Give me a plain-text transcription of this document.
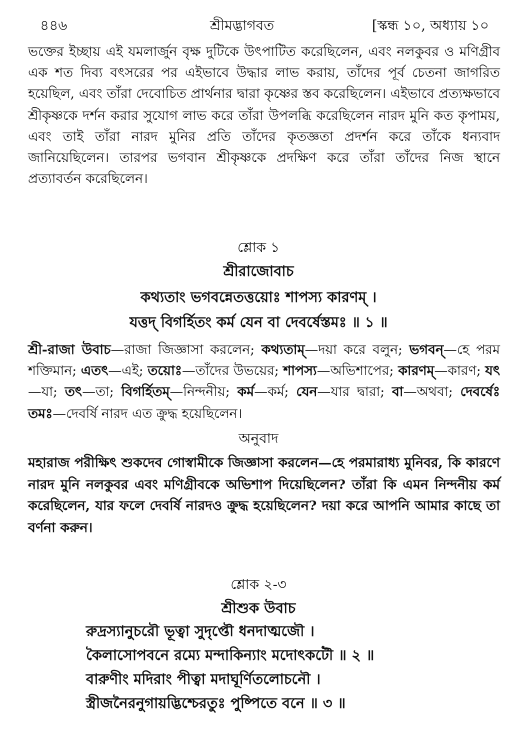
৪৪৬	শ্রীমদ্ভাগবত	[স্কন্ধ ১০, অধ্যায় ১০

ভক্তের ইচ্ছায় এই যমলার্জুন বৃক্ষ দুটিকে উৎপাটিত করেছিলেন, এবং নলকুবর ও মণিগ্রীব এক শত দিব্য বৎসরের পর এইভাবে উদ্ধার লাভ করায়, তাঁদের পূর্ব চেতনা জাগরিত হয়েছিল, এবং তাঁরা দেবোচিত প্রার্থনার দ্বারা কৃষ্ণের স্তব করেছিলেন। এইভাবে প্রত্যক্ষভাবে শ্রীকৃষ্ণকে দর্শন করার সুযোগ লাভ করে তাঁরা উপলব্ধি করেছিলেন নারদ মুনি কত কৃপাময়, এবং তাই তাঁরা নারদ মুনির প্রতি তাঁদের কৃতজ্ঞতা প্রদর্শন করে তাঁকে ধন্যবাদ জানিয়েছিলেন। তারপর ভগবান শ্রীকৃষ্ণকে প্রদক্ষিণ করে তাঁরা তাঁদের নিজ স্থানে প্রত্যাবর্তন করেছিলেন।

শ্লোক ১

শ্রীরাজোবাচ

কথ্যতাং ভগবন্নেতত্তয়োঃ শাপস্য কারণম্ ।

যত্তদ্ বিগর্হিতং কর্ম যেন বা দেবর্ষেস্তমঃ ॥ ১ ॥

শ্রী-রাজা উবাচ—রাজা জিজ্ঞাসা করলেন; কথ্যতাম্—দয়া করে বলুন; ভগবন্—হে পরম শক্তিমান; এতৎ—এই; তয়োঃ—তাঁদের উভয়ের; শাপস্য—অভিশাপের; কারণম্—কারণ; যৎ—যা; তৎ—তা; বিগর্হিতম্—নিন্দনীয়; কর্ম—কর্ম; যেন—যার দ্বারা; বা—অথবা; দেবর্ষেঃ তমঃ—দেবর্ষি নারদ এত ক্রুদ্ধ হয়েছিলেন।

অনুবাদ

মহারাজ পরীক্ষিৎ শুকদেব গোস্বামীকে জিজ্ঞাসা করলেন—হে পরমারাধ্য মুনিবর, কি কারণে নারদ মুনি নলকুবর এবং মণিগ্রীবকে অভিশাপ দিয়েছিলেন? তাঁরা কি এমন নিন্দনীয় কর্ম করেছিলেন, যার ফলে দেবর্ষি নারদও ক্রুদ্ধ হয়েছিলেন? দয়া করে আপনি আমার কাছে তা বর্ণনা করুন।

শ্লোক ২-৩

শ্রীশুক উবাচ

রুদ্রস্যানুচরৌ ভূত্বা সুদৃপ্তৌ ধনদাত্মজৌ ।
কৈলাসোপবনে রম্যে মন্দাকিন্যাং মদোৎকটৌ ॥ ২ ॥
বারুণীং মদিরাং পীত্বা মদাঘূর্ণিতলোচনৌ ।
স্ত্রীজনৈরনুগায়দ্ভিশ্চেরতুঃ পুষ্পিতে বনে ॥ ৩ ॥
